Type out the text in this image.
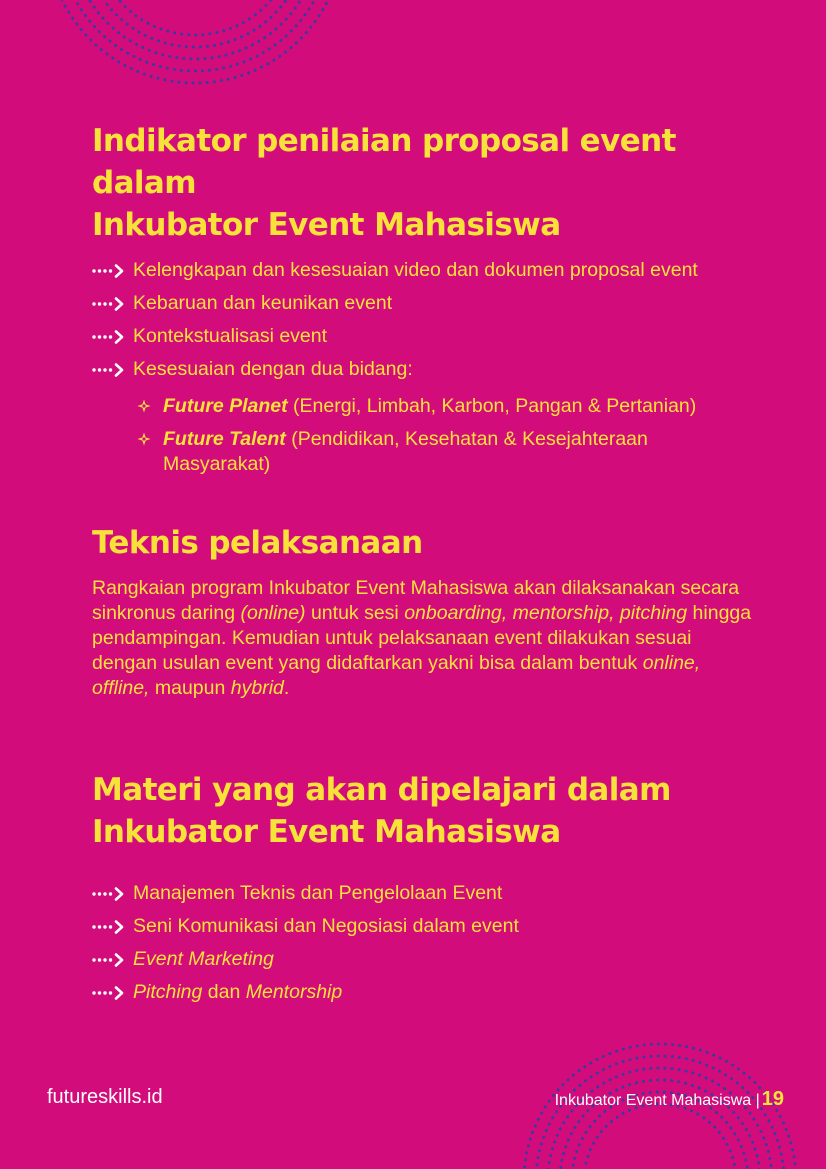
Indikator penilaian proposal event dalam
Inkubator Event Mahasiswa
Kelengkapan dan kesesuaian video dan dokumen proposal event
Kebaruan dan keunikan event
Kontekstualisasi event
Kesesuaian dengan dua bidang:
Future Planet (Energi, Limbah, Karbon, Pangan & Pertanian)
Future Talent (Pendidikan, Kesehatan & Kesejahteraan Masyarakat)
Teknis pelaksanaan

Rangkaian program Inkubator Event Mahasiswa akan dilaksanakan secara sinkronus daring (online) untuk sesi onboarding, mentorship, pitching hingga pendampingan. Kemudian untuk pelaksanaan event dilakukan sesuai dengan usulan event yang didaftarkan yakni bisa dalam bentuk online, offline, maupun hybrid.

Materi yang akan dipelajari dalam
Inkubator Event Mahasiswa
Manajemen Teknis dan Pengelolaan Event
Seni Komunikasi dan Negosiasi dalam event
Event Marketing
Pitching dan Mentorship
futureskills.id	Inkubator Event Mahasiswa | 19
